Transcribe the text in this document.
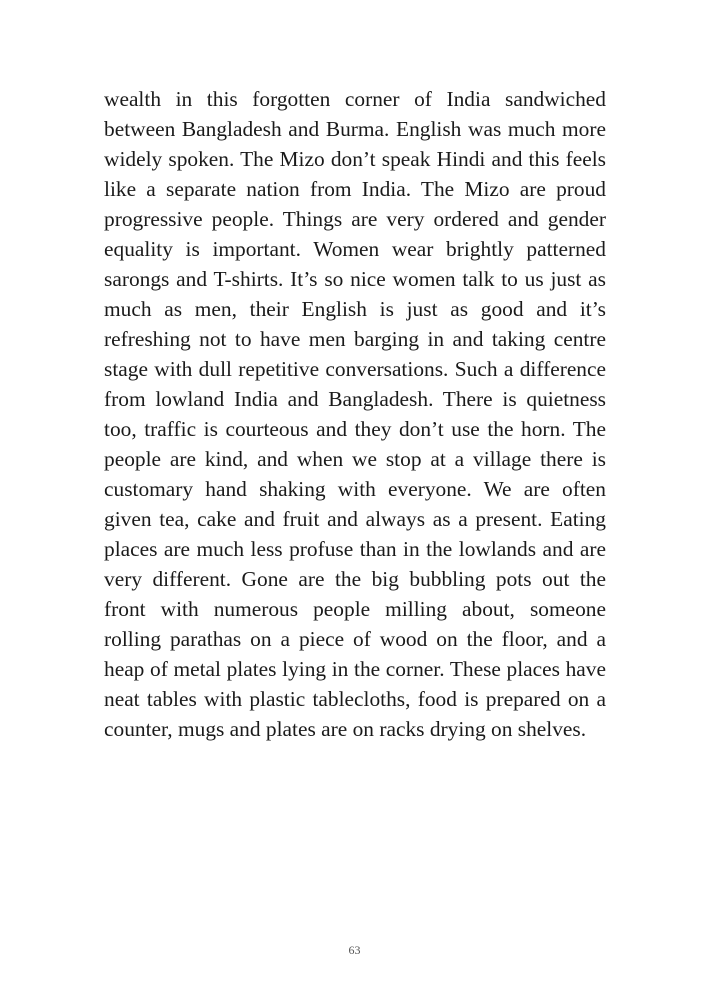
wealth in this forgotten corner of India sandwiched between Bangladesh and Burma. English was much more widely spoken. The Mizo don’t speak Hindi and this feels like a separate nation from India. The Mizo are proud progressive people. Things are very ordered and gender equality is important. Women wear brightly patterned sarongs and T-shirts. It’s so nice women talk to us just as much as men, their English is just as good and it’s refreshing not to have men barging in and taking centre stage with dull repetitive conversations. Such a difference from lowland India and Bangladesh. There is quietness too, traffic is courteous and they don’t use the horn. The people are kind, and when we stop at a village there is customary hand shaking with everyone. We are often given tea, cake and fruit and always as a present. Eating places are much less profuse than in the lowlands and are very different. Gone are the big bubbling pots out the front with numerous people milling about, someone rolling parathas on a piece of wood on the floor, and a heap of metal plates lying in the corner. These places have neat tables with plastic tablecloths, food is prepared on a counter, mugs and plates are on racks drying on shelves.

63
